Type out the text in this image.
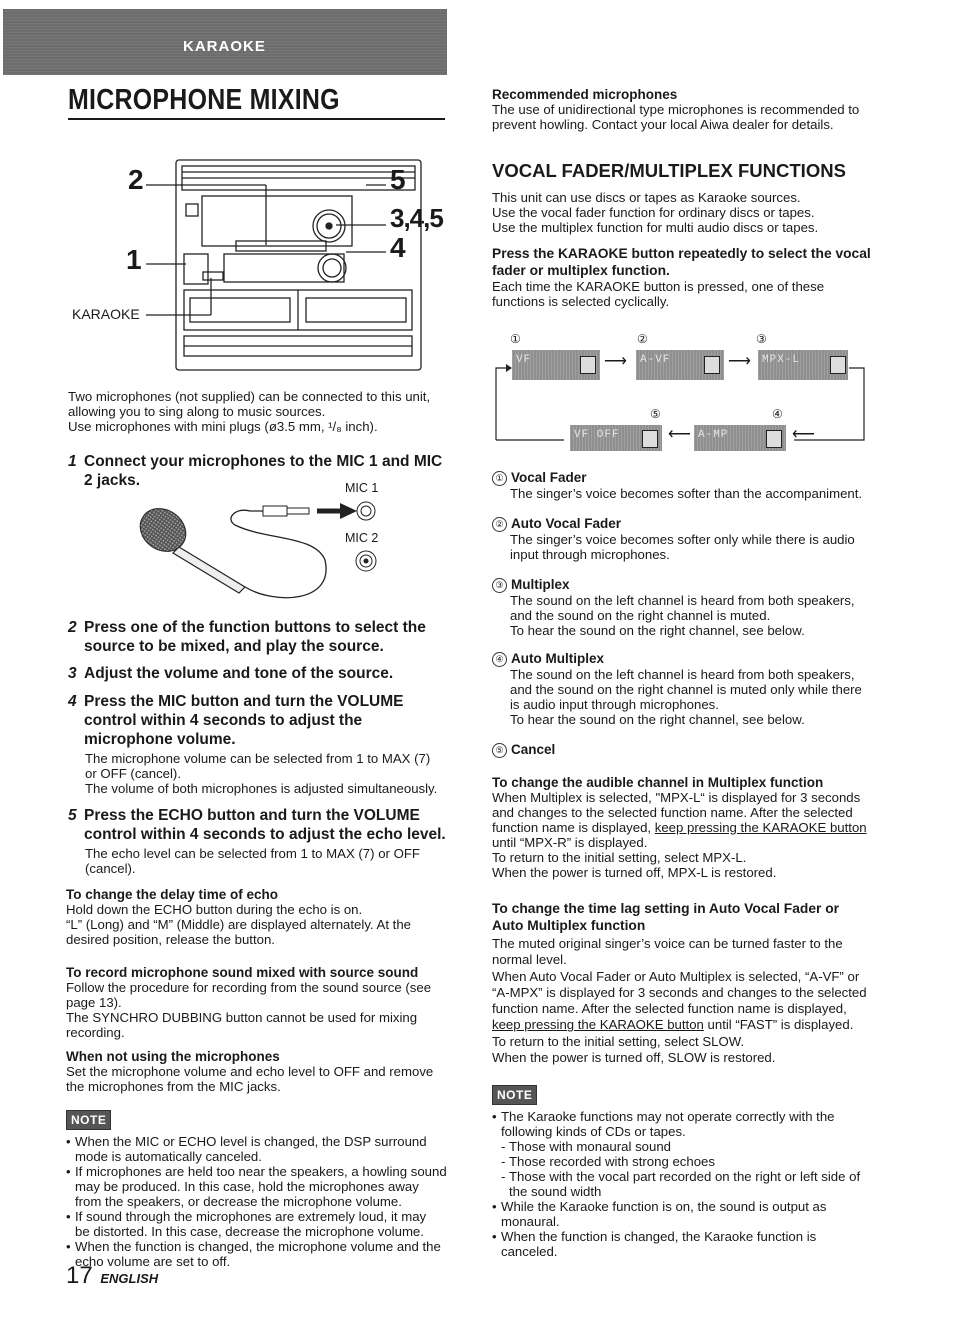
KARAOKE
MICROPHONE MIXING
2
1
5
3,4,5
4
KARAOKE

Two microphones (not supplied) can be connected to this unit,

allowing you to sing along to music sources.

Use microphones with mini plugs (ø3.5 mm, ¹/₈ inch).

1 Connect your microphones to the MIC 1 and MIC
2 jacks.	MIC 1
MIC 2
2 Press one of the function buttons to select the
source to be mixed, and play the source.
3 Adjust the volume and tone of the source.
4 Press the MIC button and turn the VOLUME
control within 4 seconds to adjust the
microphone volume.

The microphone volume can be selected from 1 to MAX (7)

or OFF (cancel).

The volume of both microphones is adjusted simultaneously.

5 Press the ECHO button and turn the VOLUME
control within 4 seconds to adjust the echo level.

The echo level can be selected from 1 to MAX (7) or OFF

(cancel).

To change the delay time of echo

Hold down the ECHO button during the echo is on.

“L” (Long) and “M” (Middle) are displayed alternately. At the

desired position, release the button.

To record microphone sound mixed with source sound

Follow the procedure for recording from the sound source (see

page 13).

The SYNCHRO DUBBING button cannot be used for mixing

recording.

When not using the microphones

Set the microphone volume and echo level to OFF and remove

the microphones from the MIC jacks.

NOTE
• When the MIC or ECHO level is changed, the DSP surround
mode is automatically canceled.
• If microphones are held too near the speakers, a howling sound
may be produced. In this case, hold the microphones away
from the speakers, or decrease the microphone volume.
• If sound through the microphones are extremely loud, it may
be distorted. In this case, decrease the microphone volume.
• When the function is changed, the microphone volume and the
echo volume are set to off.
17 ENGLISH

Recommended microphones

The use of unidirectional type microphones is recommended to

prevent howling. Contact your local Aiwa dealer for details.

VOCAL FADER/MULTIPLEX FUNCTIONS

This unit can use discs or tapes as Karaoke sources.

Use the vocal fader function for ordinary discs or tapes.

Use the multiplex function for multi audio discs or tapes.

Press the KARAOKE button repeatedly to select the vocal

fader or multiplex function.

Each time the KARAOKE button is pressed, one of these

functions is selected cyclically.

①	②	③
④
⑤
VF	⟶ A-VF	⟶ MPX-L
VF OFF	⟵ A-MP	⟵

① Vocal Fader

The singer’s voice becomes softer than the accompaniment.

② Auto Vocal Fader

The singer’s voice becomes softer only while there is audio

input through microphones.

③ Multiplex

The sound on the left channel is heard from both speakers,

and the sound on the right channel is muted.

To hear the sound on the right channel, see below.

④ Auto Multiplex

The sound on the left channel is heard from both speakers,

and the sound on the right channel is muted only while there

is audio input through microphones.

To hear the sound on the right channel, see below.

⑤ Cancel

To change the audible channel in Multiplex function

When Multiplex is selected, "MPX-L“ is displayed for 3 seconds

and changes to the selected function name. After the selected

function name is displayed, keep pressing the KARAOKE button

until “MPX-R” is displayed.

To return to the initial setting, select MPX-L.

When the power is turned off, MPX-L is restored.

To change the time lag setting in Auto Vocal Fader or

Auto Multiplex function

The muted original singer’s voice can be turned faster to the

normal level.

When Auto Vocal Fader or Auto Multiplex is selected, “A-VF” or

“A-MPX” is displayed for 3 seconds and changes to the selected

function name. After the selected function name is displayed,

keep pressing the KARAOKE button until “FAST” is displayed.

To return to the initial setting, select SLOW.

When the power is turned off, SLOW is restored.

NOTE
• The Karaoke functions may not operate correctly with the
following kinds of CDs or tapes.
- Those with monaural sound
- Those recorded with strong echoes
- Those with the vocal part recorded on the right or left side of
the sound width
• While the Karaoke function is on, the sound is output as
monaural.
• When the function is changed, the Karaoke function is canceled.
